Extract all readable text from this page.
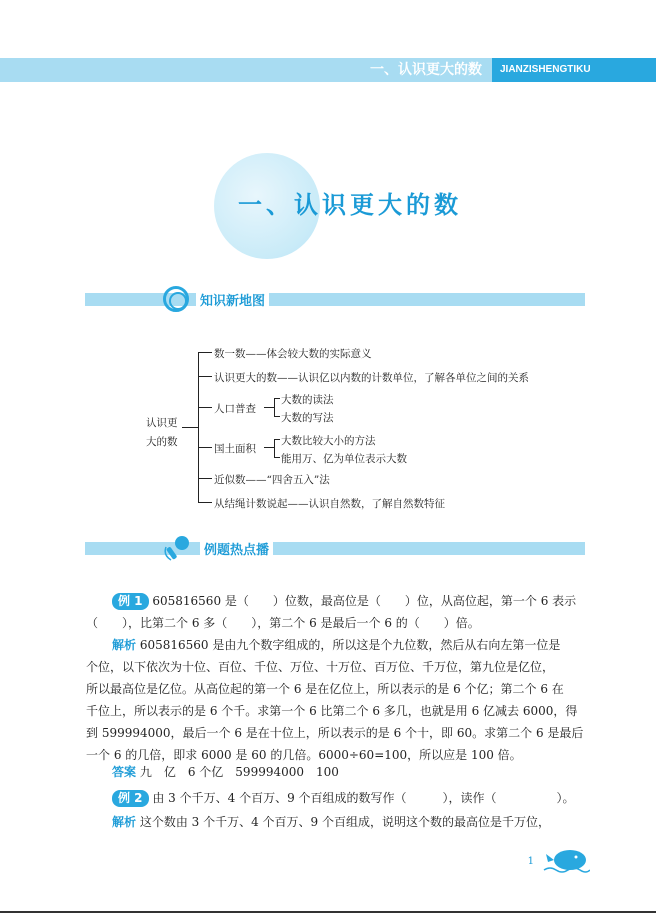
一、认识更大的数	JIANZISHENGTIKU
一、认识更大的数
知识新地图
认识更
大的数
数一数——体会较大数的实际意义
认识更大的数——认识亿以内数的计数单位，了解各单位之间的关系
人口普查
大数的读法
大数的写法
国土面积
大数比较大小的方法
能用万、亿为单位表示大数
近似数——“四舍五入”法
从结绳计数说起——认识自然数，了解自然数特征
例题热点播
例 1 605816560 是（　　）位数，最高位是（　　）位，从高位起，第一个 6 表示
（　　），比第二个 6 多（　　），第二个 6 是最后一个 6 的（　　）倍。
解析 605816560 是由九个数字组成的，所以这是个九位数，然后从右向左第一位是
个位，以下依次为十位、百位、千位、万位、十万位、百万位、千万位，第九位是亿位，
所以最高位是亿位。从高位起的第一个 6 是在亿位上，所以表示的是 6 个亿；第二个 6 在
千位上，所以表示的是 6 个千。求第一个 6 比第二个 6 多几，也就是用 6 亿减去 6000，得
到 599994000，最后一个 6 是在十位上，所以表示的是 6 个十，即 60。求第二个 6 是最后
一个 6 的几倍，即求 6000 是 60 的几倍。6000÷60=100，所以应是 100 倍。
答案 九　亿　6 个亿　599994000　100
例 2 由 3 个千万、4 个百万、9 个百组成的数写作（　　　），读作（　　　　　）。
解析 这个数由 3 个千万、4 个百万、9 个百组成，说明这个数的最高位是千万位，
1
